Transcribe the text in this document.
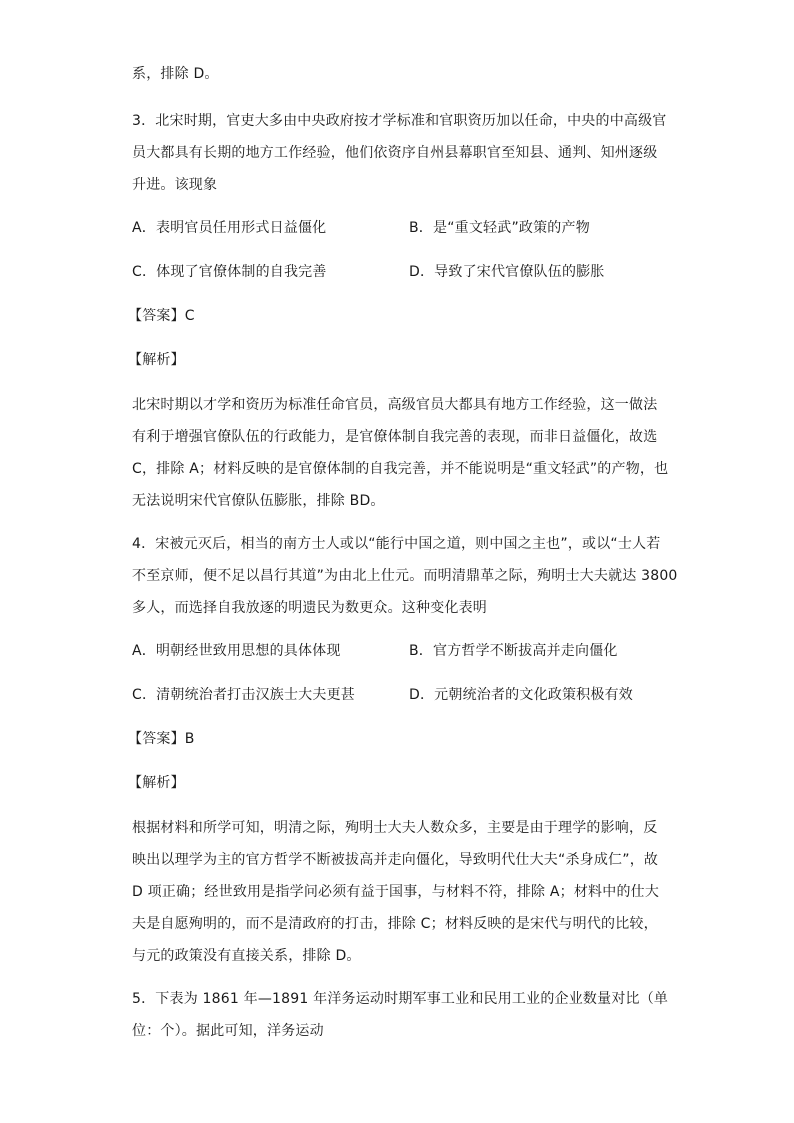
系，排除 D。
3．北宋时期，官吏大多由中央政府按才学标准和官职资历加以任命，中央的中高级官
员大都具有长期的地方工作经验，他们依资序自州县幕职官至知县、通判、知州逐级
升进。该现象
A．表明官员任用形式日益僵化	B．是“重文轻武”政策的产物
C．体现了官僚体制的自我完善	D．导致了宋代官僚队伍的膨胀
【答案】C
【解析】
北宋时期以才学和资历为标准任命官员，高级官员大都具有地方工作经验，这一做法
有利于增强官僚队伍的行政能力，是官僚体制自我完善的表现，而非日益僵化，故选
C，排除 A；材料反映的是官僚体制的自我完善，并不能说明是“重文轻武”的产物，也
无法说明宋代官僚队伍膨胀，排除 BD。
4．宋被元灭后，相当的南方士人或以“能行中国之道，则中国之主也”，或以“士人若
不至京师，便不足以昌行其道”为由北上仕元。而明清鼎革之际，殉明士大夫就达 3800
多人，而选择自我放逐的明遗民为数更众。这种变化表明
A．明朝经世致用思想的具体体现	B．官方哲学不断拔高并走向僵化
C．清朝统治者打击汉族士大夫更甚	D．元朝统治者的文化政策积极有效
【答案】B
【解析】
根据材料和所学可知，明清之际，殉明士大夫人数众多，主要是由于理学的影响，反
映出以理学为主的官方哲学不断被拔高并走向僵化，导致明代仕大夫“杀身成仁”，故
D 项正确；经世致用是指学问必须有益于国事，与材料不符，排除 A；材料中的仕大
夫是自愿殉明的，而不是清政府的打击，排除 C；材料反映的是宋代与明代的比较，
与元的政策没有直接关系，排除 D。
5．下表为 1861 年—1891 年洋务运动时期军事工业和民用工业的企业数量对比（单
位：个）。据此可知，洋务运动
